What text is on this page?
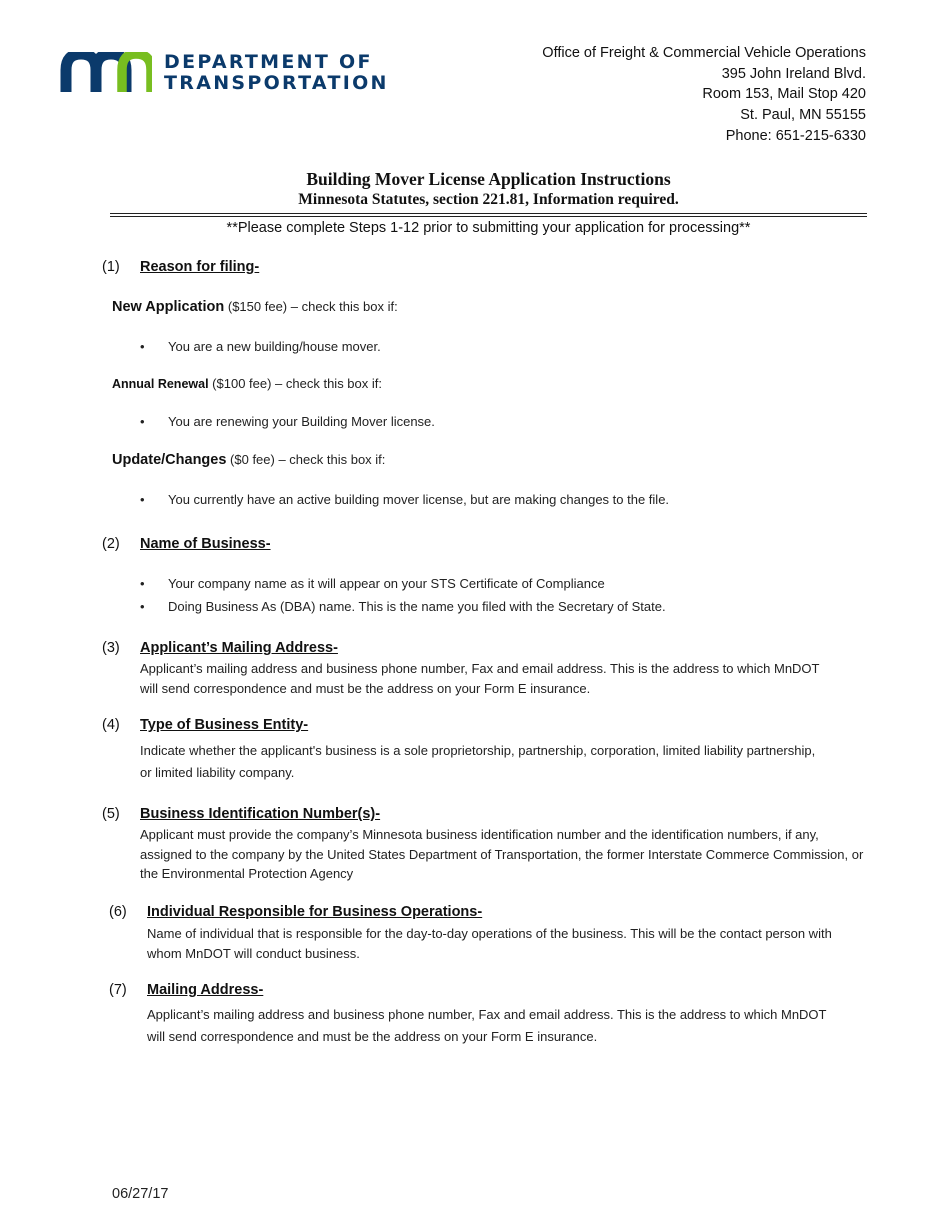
DEPARTMENT OF
TRANSPORTATION
Office of Freight & Commercial Vehicle Operations
395 John Ireland Blvd.
Room 153, Mail Stop 420
St. Paul, MN 55155
Phone: 651-215-6330
Building Mover License Application Instructions
Minnesota Statutes, section 221.81, Information required.
**Please complete Steps 1-12 prior to submitting your application for processing**
(1) Reason for filing-
New Application ($150 fee) – check this box if:
• You are a new building/house mover.
Annual Renewal ($100 fee) – check this box if:
• You are renewing your Building Mover license.
Update/Changes ($0 fee) – check this box if:
• You currently have an active building mover license, but are making changes to the file.
(2) Name of Business-
• Your company name as it will appear on your STS Certificate of Compliance
• Doing Business As (DBA) name. This is the name you filed with the Secretary of State.
(3) Applicant’s Mailing Address-
Applicant’s mailing address and business phone number, Fax and email address. This is the address to which MnDOT will send correspondence and must be the address on your Form E insurance.
(4) Type of Business Entity-
Indicate whether the applicant's business is a sole proprietorship, partnership, corporation, limited liability partnership, or limited liability company.
(5) Business Identification Number(s)-
Applicant must provide the company’s Minnesota business identification number and the identification numbers, if any, assigned to the company by the United States Department of Transportation, the former Interstate Commerce Commission, or the Environmental Protection Agency
(6) Individual Responsible for Business Operations-
Name of individual that is responsible for the day-to-day operations of the business. This will be the contact person with whom MnDOT will conduct business.
(7) Mailing Address-
Applicant’s mailing address and business phone number, Fax and email address. This is the address to which MnDOT will send correspondence and must be the address on your Form E insurance.
06/27/17
